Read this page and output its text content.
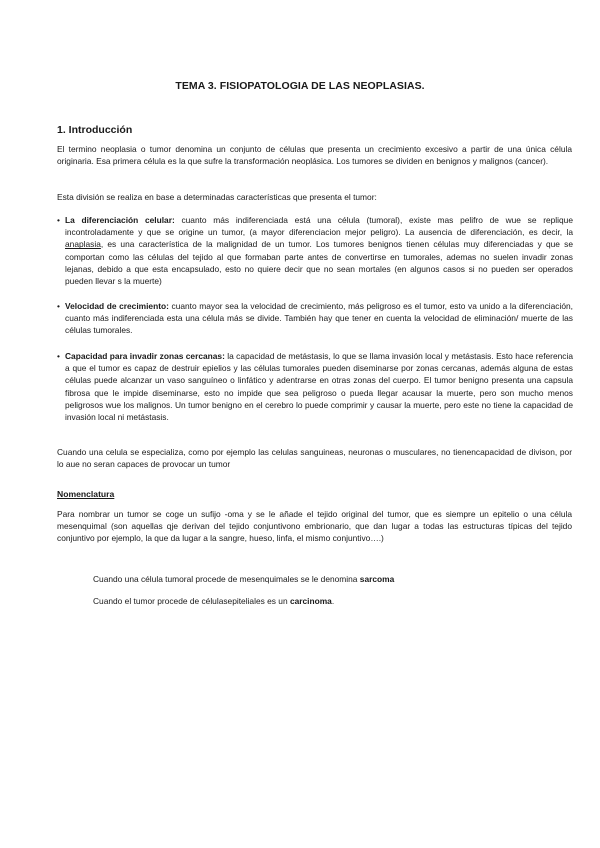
TEMA 3. FISIOPATOLOGIA DE LAS NEOPLASIAS.
1. Introducción
El termino neoplasia o tumor denomina un conjunto de células que presenta un crecimiento excesivo a partir de una única célula originaria. Esa primera célula es la que sufre la transformación neoplásica. Los tumores se dividen en benignos y malignos (cancer).
Esta división se realiza en base a determinadas características que presenta el tumor:
• La diferenciación celular: cuanto más indiferenciada está una célula (tumoral), existe mas pelifro de wue se replique incontroladamente y que se origine un tumor, (a mayor diferenciacion mejor peligro). La ausencia de diferenciación, es decir, la anaplasia, es una característica de la malignidad de un tumor. Los tumores benignos tienen células muy diferenciadas y que se comportan como las células del tejido al que formaban parte antes de convertirse en tumorales, ademas no suelen invadir zonas lejanas, debido a que esta encapsulado, esto no quiere decir que no sean mortales (en algunos casos si no pueden ser operados pueden llevar s la muerte)
• Velocidad de crecimiento: cuanto mayor sea la velocidad de crecimiento, más peligroso es el tumor, esto va unido a la diferenciación, cuanto más indiferenciada esta una célula más se divide. También hay que tener en cuenta la velocidad de eliminación/ muerte de las células tumorales.
• Capacidad para invadir zonas cercanas: la capacidad de metástasis, lo que se llama invasión local y metástasis. Esto hace referencia a que el tumor es capaz de destruir epielios y las células tumorales pueden diseminarse por zonas cercanas, además alguna de estas células puede alcanzar un vaso sanguíneo o linfático y adentrarse en otras zonas del cuerpo. El tumor benigno presenta una capsula fibrosa que le impide diseminarse, esto no impide que sea peligroso o pueda llegar acausar la muerte, pero son mucho menos peligrosos wue los malignos. Un tumor benigno en el cerebro lo puede comprimir y causar la muerte, pero este no tiene la capacidad de invasión local ni metástasis.
Cuando una celula se especializa, como por ejemplo las celulas sanguineas, neuronas o musculares, no tienencapacidad de divison, por lo aue no seran capaces de provocar un tumor
Nomenclatura
Para nombrar un tumor se coge un sufijo -oma y se le añade el tejido original del tumor, que es siempre un epitelio o una célula mesenquimal (son aquellas qje derivan del tejido conjuntivono embrionario, que dan lugar a todas las estructuras típicas del tejido conjuntivo por ejemplo, la que da lugar a la sangre, hueso, linfa, el mismo conjuntivo….)
Cuando una célula tumoral procede de mesenquimales se le denomina sarcoma
Cuando el tumor procede de célulasepiteliales es un carcinoma.
